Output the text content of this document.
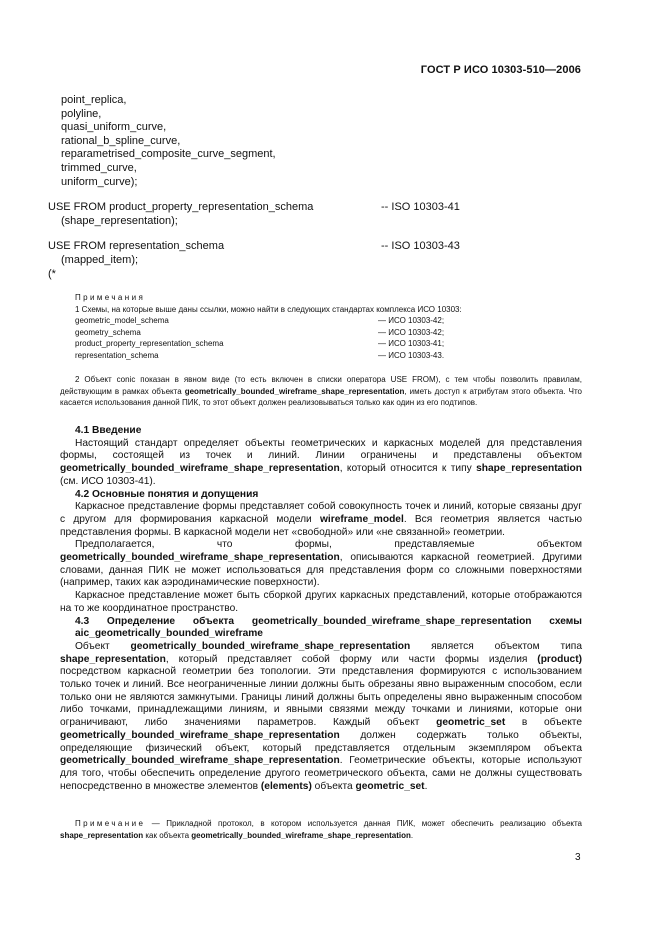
ГОСТ Р ИСО 10303-510—2006
point_replica,
polyline,
quasi_uniform_curve,
rational_b_spline_curve,
reparametrised_composite_curve_segment,
trimmed_curve,
uniform_curve);
USE FROM product_property_representation_schema	-- ISO 10303-41
(shape_representation);
USE FROM representation_schema	-- ISO 10303-43
(mapped_item);
(*
Примечания
1 Схемы, на которые выше даны ссылки, можно найти в следующих стандартах комплекса ИСО 10303:
geometric_model_schema	— ИСО 10303-42;
geometry_schema	— ИСО 10303-42;
product_property_representation_schema	— ИСО 10303-41;
representation_schema	— ИСО 10303-43.
2 Объект conic показан в явном виде (то есть включен в списки оператора USE FROM), с тем чтобы позволить правилам, действующим в рамках объекта geometrically_bounded_wireframe_shape_representation, иметь доступ к атрибутам этого объекта. Что касается использования данной ПИК, то этот объект должен реализовываться только как один из его подтипов.
4.1 Введение

Настоящий стандарт определяет объекты геометрических и каркасных моделей для представления формы, состоящей из точек и линий. Линии ограничены и представлены объектом geometrically_bounded_wireframe_shape_representation, который относится к типу shape_representation (см. ИСО 10303-41).

4.2 Основные понятия и допущения

Каркасное представление формы представляет собой совокупность точек и линий, которые связаны друг с другом для формирования каркасной модели wireframe_model. Вся геометрия является частью представления формы. В каркасной модели нет «свободной» или «не связанной» геометрии.

Предполагается, что формы, представляемые объектом geometrically_bounded_wireframe_shape_representation, описываются каркасной геометрией. Другими словами, данная ПИК не может использоваться для представления форм со сложными поверхностями (например, таких как аэродинамические поверхности).

Каркасное представление может быть сборкой других каркасных представлений, которые отображаются на то же координатное пространство.

4.3 Определение объекта geometrically_bounded_wireframe_shape_representation схемы aic_geometrically_bounded_wireframe

Объект geometrically_bounded_wireframe_shape_representation является объектом типа shape_representation, который представляет собой форму или части формы изделия (product) посредством каркасной геометрии без топологии. Эти представления формируются с использованием только точек и линий. Все неограниченные линии должны быть обрезаны явно выраженным способом, если только они не являются замкнутыми. Границы линий должны быть определены явно выраженным способом либо точками, принадлежащими линиям, и явными связями между точками и линиями, которые они ограничивают, либо значениями параметров. Каждый объект geometric_set в объекте geometrically_bounded_wireframe_shape_representation должен содержать только объекты, определяющие физический объект, который представляется отдельным экземпляром объекта geometrically_bounded_wireframe_shape_representation. Геометрические объекты, которые используют для того, чтобы обеспечить определение другого геометрического объекта, сами не должны существовать непосредственно в множестве элементов (elements) объекта geometric_set.

Примечание — Прикладной протокол, в котором используется данная ПИК, может обеспечить реализацию объекта shape_representation как объекта geometrically_bounded_wireframe_shape_representation.

3
